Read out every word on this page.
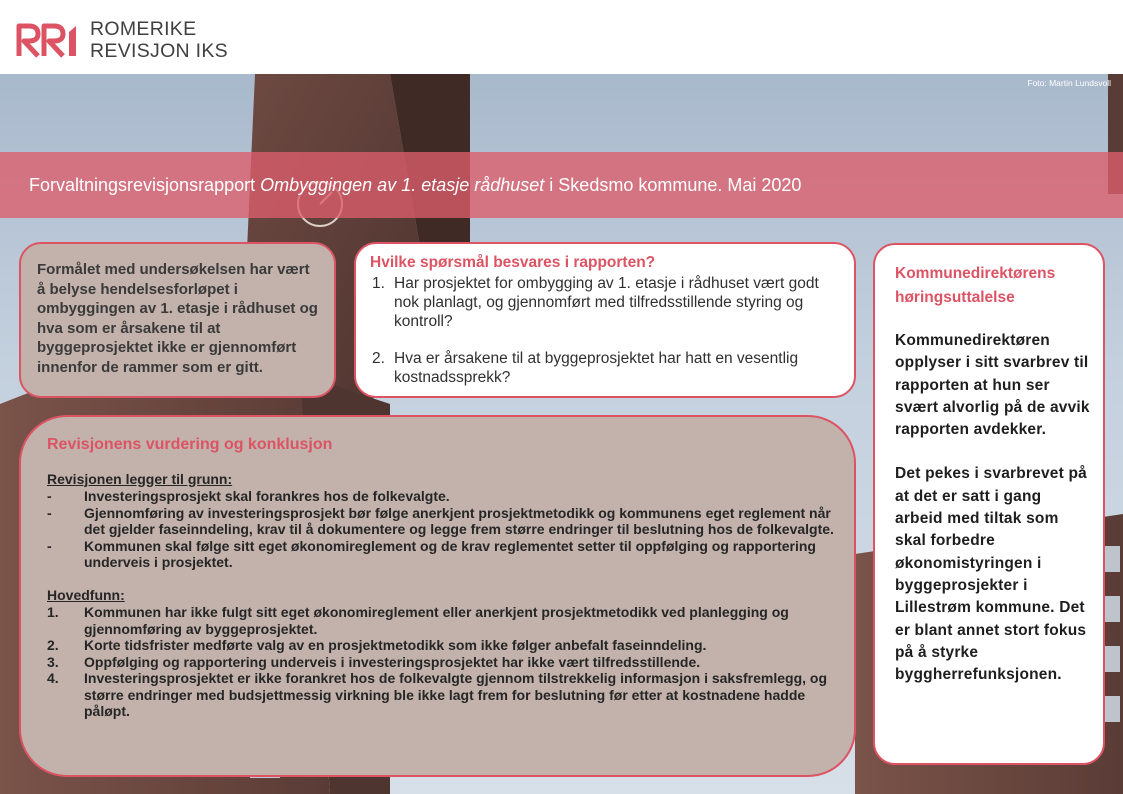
ROMERIKE
REVISJON IKS
Foto: Martin Lundsvoll
Forvaltningsrevisjonsrapport Ombyggingen av 1. etasje rådhuset i Skedsmo kommune. Mai 2020
Formålet med undersøkelsen har vært å belyse hendelsesforløpet i ombyggingen av 1. etasje i rådhuset og hva som er årsakene til at byggeprosjektet ikke er gjennomført innenfor de rammer som er gitt.
Hvilke spørsmål besvares i rapporten?
1. Har prosjektet for ombygging av 1. etasje i rådhuset vært godt nok planlagt, og gjennomført med tilfredsstillende styring og kontroll?
2. Hva er årsakene til at byggeprosjektet har hatt en vesentlig kostnadssprekk?
Kommunedirektørens høringsuttalelse

Kommunedirektøren opplyser i sitt svarbrev til rapporten at hun ser svært alvorlig på de avvik rapporten avdekker.

Det pekes i svarbrevet på at det er satt i gang arbeid med tiltak som skal forbedre økonomistyringen i byggeprosjekter i Lillestrøm kommune. Det er blant annet stort fokus på å styrke byggherrefunksjonen.

Revisjonens vurdering og konklusjon
Revisjonen legger til grunn:
-	Investeringsprosjekt skal forankres hos de folkevalgte.
-	Gjennomføring av investeringsprosjekt bør følge anerkjent prosjektmetodikk og kommunens eget reglement når det gjelder faseinndeling, krav til å dokumentere og legge frem større endringer til beslutning hos de folkevalgte.
-	Kommunen skal følge sitt eget økonomireglement og de krav reglementet setter til oppfølging og rapportering underveis i prosjektet.
Hovedfunn:
1.	Kommunen har ikke fulgt sitt eget økonomireglement eller anerkjent prosjektmetodikk ved planlegging og gjennomføring av byggeprosjektet.
2.	Korte tidsfrister medførte valg av en prosjektmetodikk som ikke følger anbefalt faseinndeling.
3.	Oppfølging og rapportering underveis i investeringsprosjektet har ikke vært tilfredsstillende.
4.	Investeringsprosjektet er ikke forankret hos de folkevalgte gjennom tilstrekkelig informasjon i saksfremlegg, og større endringer med budsjettmessig virkning ble ikke lagt frem for beslutning før etter at kostnadene hadde påløpt.
